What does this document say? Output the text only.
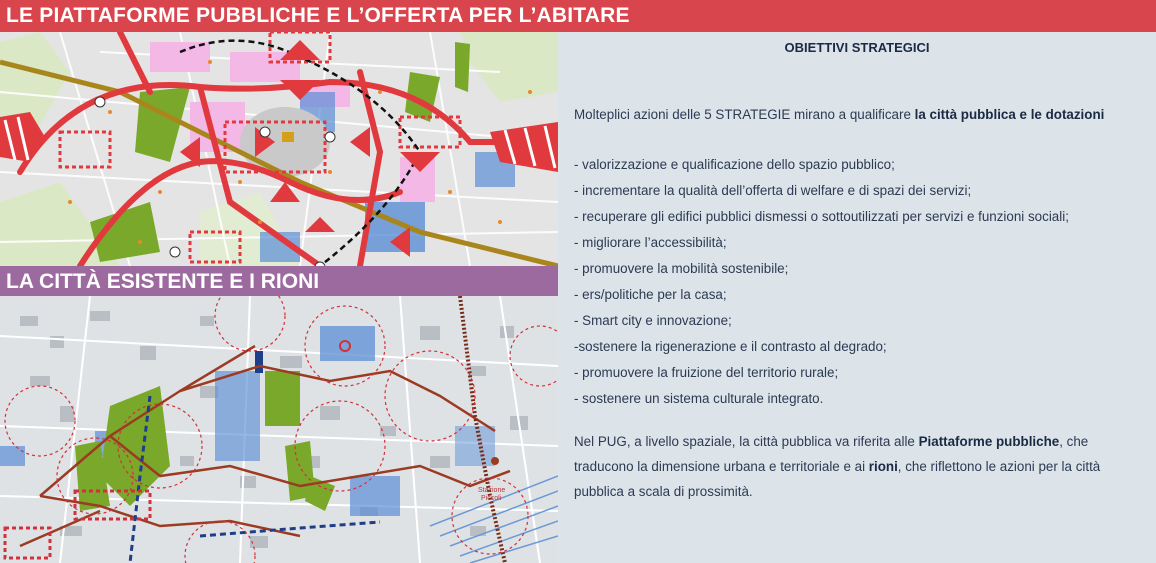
LE PIATTAFORME PUBBLICHE E L’OFFERTA PER L’ABITARE
LA CITTÀ ESISTENTE E I RIONI
Stazione
Piccoli
OBIETTIVI STRATEGICI
Molteplici azioni delle 5 STRATEGIE mirano a qualificare la città pubblica e le dotazioni
- valorizzazione e qualificazione dello spazio pubblico;
- incrementare la qualità dell’offerta di welfare e di spazi dei servizi;
- recuperare gli edifici pubblici dismessi o sottoutilizzati per servizi e funzioni sociali;
- migliorare l’accessibilità;
- promuovere la mobilità sostenibile;
- ers/politiche per la casa;
- Smart city e innovazione;
-sostenere la rigenerazione e il contrasto al degrado;
- promuovere la fruizione del territorio rurale;
- sostenere un sistema culturale integrato.
Nel PUG, a livello spaziale, la città pubblica va riferita alle Piattaforme pubbliche, che traducono la dimensione urbana e territoriale e ai rioni, che riflettono le azioni per la città pubblica a scala di prossimità.
